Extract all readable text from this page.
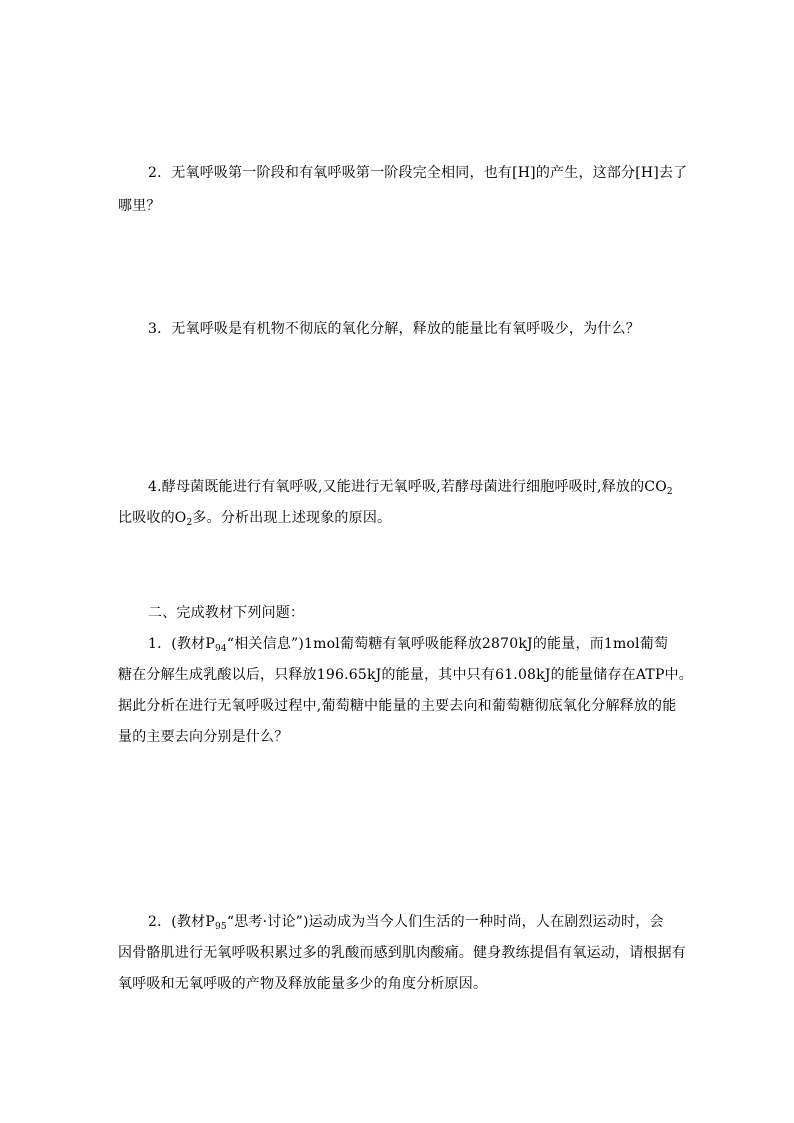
2．无氧呼吸第一阶段和有氧呼吸第一阶段完全相同，也有[H]的产生，这部分[H]去了
哪里？
3．无氧呼吸是有机物不彻底的氧化分解，释放的能量比有氧呼吸少，为什么？
4.酵母菌既能进行有氧呼吸,又能进行无氧呼吸,若酵母菌进行细胞呼吸时,释放的$CO_2$
比吸收的$O_2$多。分析出现上述现象的原因。
二、完成教材下列问题：
1．(教材$P_{94}“$相关信息”)1mol葡萄糖有氧呼吸能释放2870kJ的能量，而1mol葡萄
糖在分解生成乳酸以后，只释放196.65kJ的能量，其中只有61.08kJ的能量储存在ATP中。
据此分析在进行无氧呼吸过程中,葡萄糖中能量的主要去向和葡萄糖彻底氧化分解释放的能
量的主要去向分别是什么？
2．(教材$P_{95}“$思考·讨论”)运动成为当今人们生活的一种时尚，人在剧烈运动时，会
因骨骼肌进行无氧呼吸积累过多的乳酸而感到肌肉酸痛。健身教练提倡有氧运动，请根据有
氧呼吸和无氧呼吸的产物及释放能量多少的角度分析原因。
